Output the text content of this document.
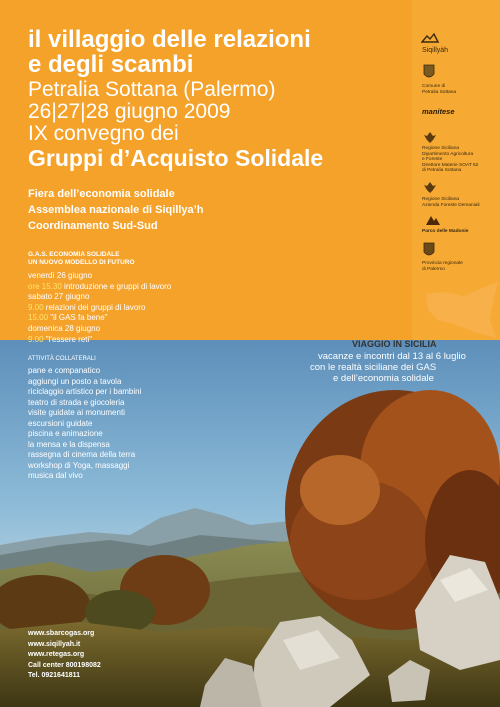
il villaggio delle relazioni

e degli scambi

Petralia Sottana (Palermo)

26|27|28 giugno 2009

IX convegno dei

Gruppi d’Acquisto Solidale

Fiera dell’economia solidale

Assemblea nazionale di Siqillya’h

Coordinamento Sud-Sud

G.A.S. ECONOMIA SOLIDALE

UN NUOVO MODELLO DI FUTURO

venerdì 26 giugno
ore 15.30 introduzione e gruppi di lavoro
sabato 27 giugno
9.00 relazioni dei gruppi di lavoro
15.00 "il GAS fa bene"
domenica 28 giugno
9.00 "l'essere reti"

ATTIVITÀ COLLATERALI

pane e companatico
aggiungi un posto a tavola
riciclaggio artistico per i bambini
teatro di strada e giocoleria
visite guidate ai monumenti
escursioni guidate
piscina e animazione
la mensa e la dispensa
rassegna di cinema della terra
workshop di Yoga, massaggi
musica dal vivo

VIAGGIO IN SICILIA

vacanze e incontri dal 13 al 6 luglio

con le realtà siciliane dei GAS

e dell’economia solidale

Siqillyàh
Comune di
Petralia Sottana
manitese
Regione Siciliana
Dipartimento Agricoltura
e Foreste
Direttore Materie SOAT 62
di Petralia Sottana
Regione Siciliana
Azienda Foreste Demaniali
Parco delle Madonie
Provincia regionale
di Palermo
www.sbarcogas.org
www.siqillyah.it
www.retegas.org
Call center 800198082
Tel. 0921641811
